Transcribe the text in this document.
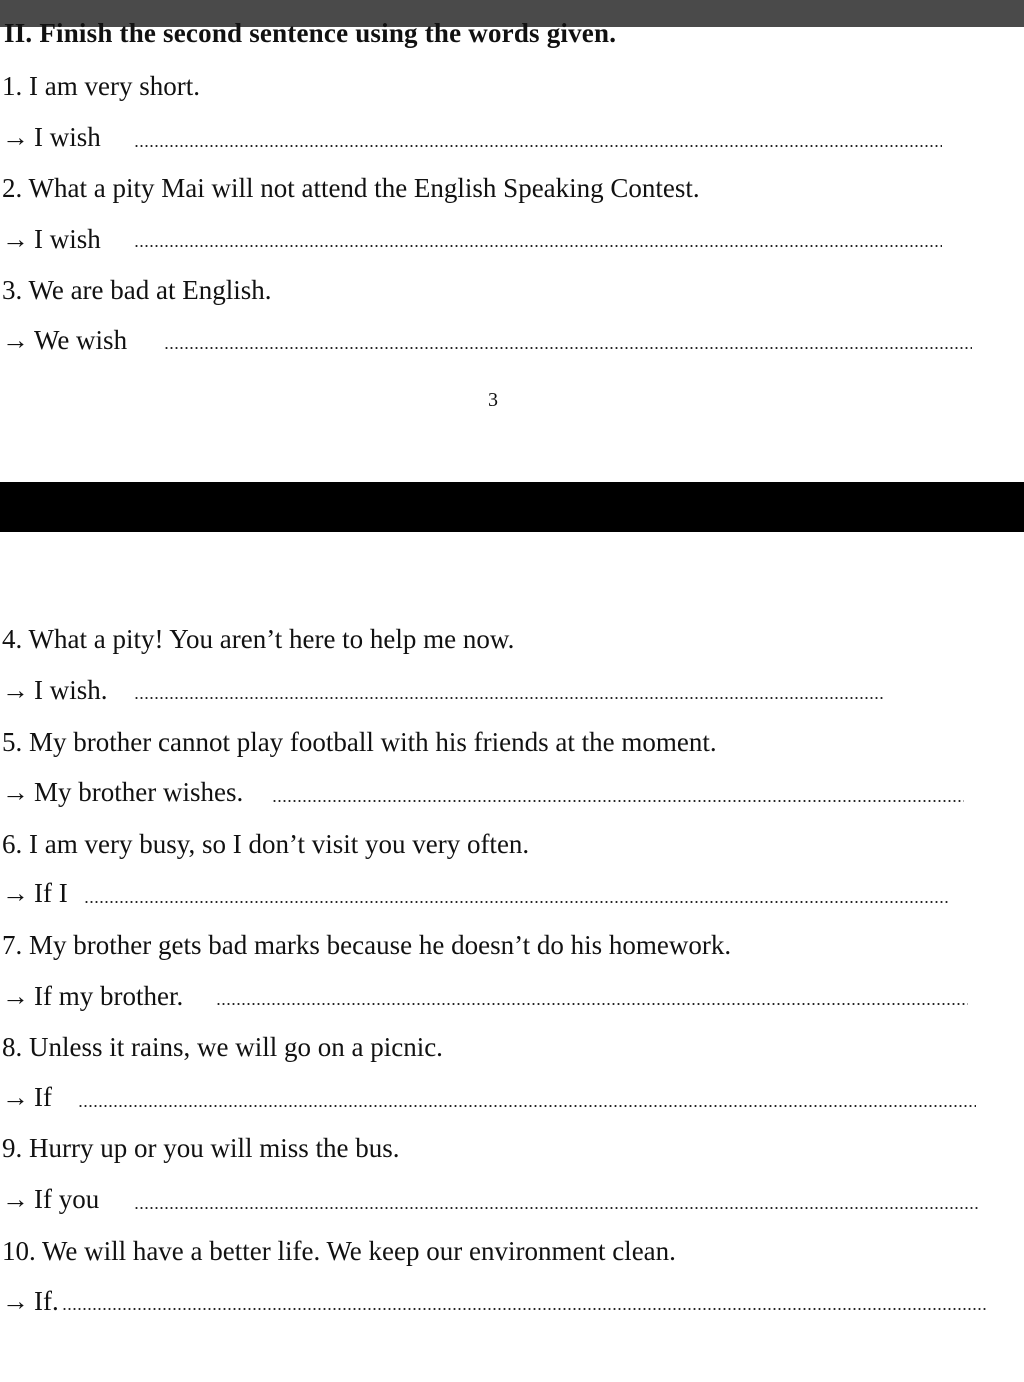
II. Finish the second sentence using the words given.
1. I am very short.
→ I wish
2. What a pity Mai will not attend the English Speaking Contest.
→ I wish
3. We are bad at English.
→ We wish
3
4. What a pity! You aren’t here to help me now.
→ I wish.
5. My brother cannot play football with his friends at the moment.
→ My brother wishes.
6. I am very busy, so I don’t visit you very often.
→ If I
7. My brother gets bad marks because he doesn’t do his homework.
→ If my brother.
8. Unless it rains, we will go on a picnic.
→ If
9. Hurry up or you will miss the bus.
→ If you
10. We will have a better life. We keep our environment clean.
→ If.
